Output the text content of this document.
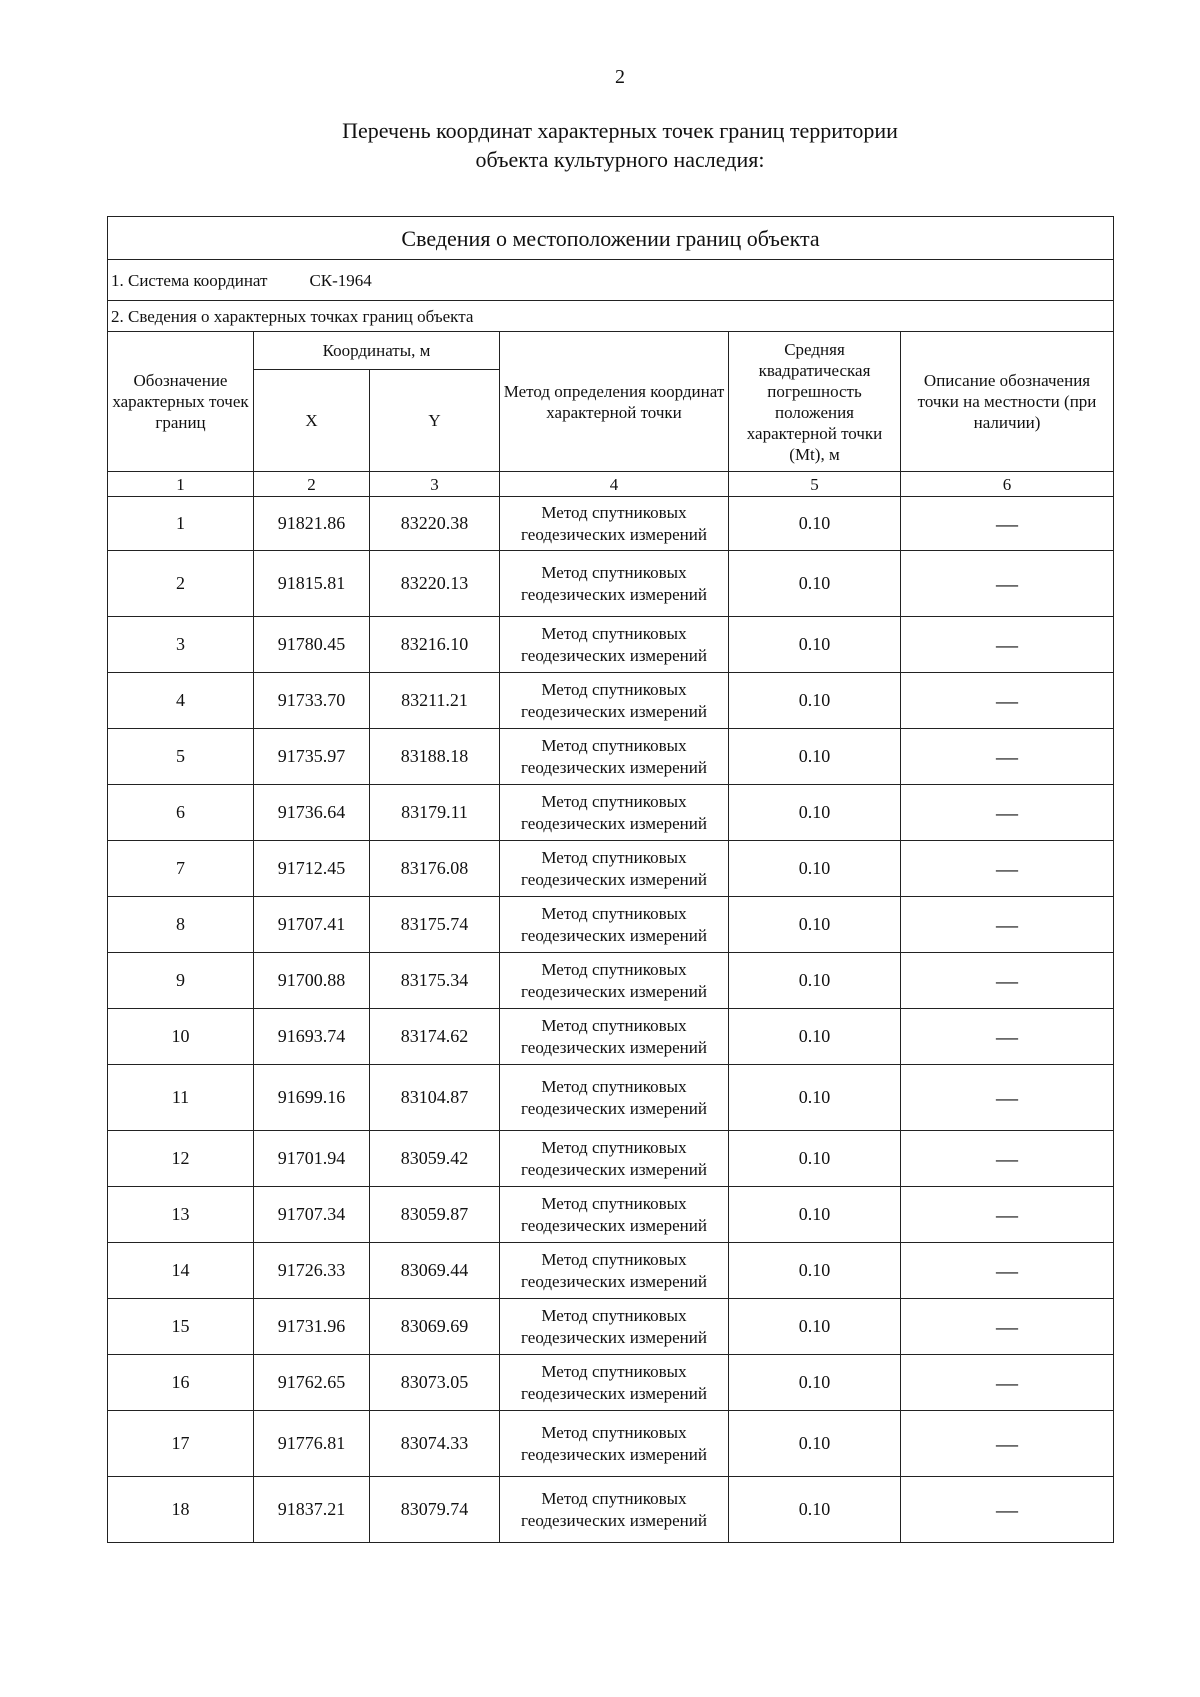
2
Перечень координат характерных точек границ территории
объекта культурного наследия:
Сведения о местоположении границ объекта					
1. Система координат СК-1964					
2. Сведения о характерных точках границ объекта					
Обозначение характерных точек границ	Координаты, м		Метод определения координат характерной точки	Средняя квадратическая погрешность положения характерной точки (Mt), м	Описание обозначения точки на местности (при наличии)
	X	Y			
1	2	3	4	5	6
1	91821.86	83220.38	Метод спутниковых геодезических измерений	0.10	—
2	91815.81	83220.13	Метод спутниковых геодезических измерений	0.10	—
3	91780.45	83216.10	Метод спутниковых геодезических измерений	0.10	—
4	91733.70	83211.21	Метод спутниковых геодезических измерений	0.10	—
5	91735.97	83188.18	Метод спутниковых геодезических измерений	0.10	—
6	91736.64	83179.11	Метод спутниковых геодезических измерений	0.10	—
7	91712.45	83176.08	Метод спутниковых геодезических измерений	0.10	—
8	91707.41	83175.74	Метод спутниковых геодезических измерений	0.10	—
9	91700.88	83175.34	Метод спутниковых геодезических измерений	0.10	—
10	91693.74	83174.62	Метод спутниковых геодезических измерений	0.10	—
11	91699.16	83104.87	Метод спутниковых геодезических измерений	0.10	—
12	91701.94	83059.42	Метод спутниковых геодезических измерений	0.10	—
13	91707.34	83059.87	Метод спутниковых геодезических измерений	0.10	—
14	91726.33	83069.44	Метод спутниковых геодезических измерений	0.10	—
15	91731.96	83069.69	Метод спутниковых геодезических измерений	0.10	—
16	91762.65	83073.05	Метод спутниковых геодезических измерений	0.10	—
17	91776.81	83074.33	Метод спутниковых геодезических измерений	0.10	—
18	91837.21	83079.74	Метод спутниковых геодезических измерений	0.10	—
